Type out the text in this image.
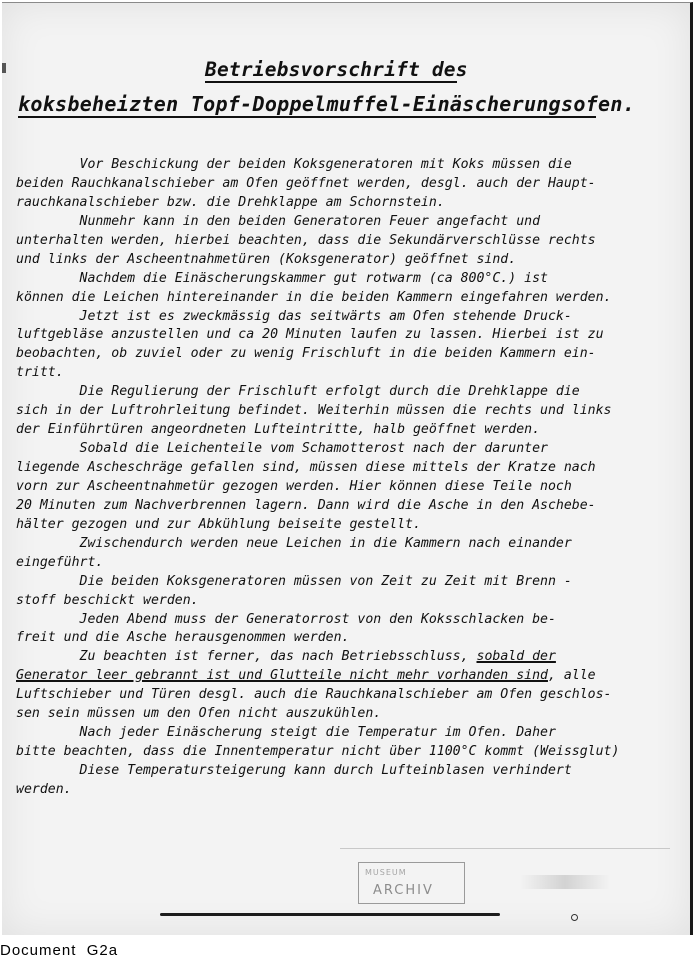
Betriebsvorschrift des
koksbeheizten Topf-Doppelmuffel-Einäscherungsofen.
Vor Beschickung der beiden Koksgeneratoren mit Koks müssen die
beiden Rauchkanalschieber am Ofen geöffnet werden, desgl. auch der Haupt-
rauchkanalschieber bzw. die Drehklappe am Schornstein.
Nunmehr kann in den beiden Generatoren Feuer angefacht und
unterhalten werden, hierbei beachten, dass die Sekundärverschlüsse rechts
und links der Ascheentnahmetüren (Koksgenerator) geöffnet sind.
Nachdem die Einäscherungskammer gut rotwarm (ca 800°C.) ist
können die Leichen hintereinander in die beiden Kammern eingefahren werden.
Jetzt ist es zweckmässig das seitwärts am Ofen stehende Druck-
luftgebläse anzustellen und ca 20 Minuten laufen zu lassen. Hierbei ist zu
beobachten, ob zuviel oder zu wenig Frischluft in die beiden Kammern ein-
tritt.
Die Regulierung der Frischluft erfolgt durch die Drehklappe die
sich in der Luftrohrleitung befindet. Weiterhin müssen die rechts und links
der Einführtüren angeordneten Lufteintritte, halb geöffnet werden.
Sobald die Leichenteile vom Schamotterost nach der darunter
liegende Ascheschräge gefallen sind, müssen diese mittels der Kratze nach
vorn zur Ascheentnahmetür gezogen werden. Hier können diese Teile noch
20 Minuten zum Nachverbrennen lagern. Dann wird die Asche in den Aschebe-
hälter gezogen und zur Abkühlung beiseite gestellt.
Zwischendurch werden neue Leichen in die Kammern nach einander
eingeführt.
Die beiden Koksgeneratoren müssen von Zeit zu Zeit mit Brenn -
stoff beschickt werden.
Jeden Abend muss der Generatorrost von den Koksschlacken be-
freit und die Asche herausgenommen werden.
Zu beachten ist ferner, das nach Betriebsschluss, sobald der
Generator leer gebrannt ist und Glutteile nicht mehr vorhanden sind, alle
Luftschieber und Türen desgl. auch die Rauchkanalschieber am Ofen geschlos-
sen sein müssen um den Ofen nicht auszukühlen.
Nach jeder Einäscherung steigt die Temperatur im Ofen. Daher
bitte beachten, dass die Innentemperatur nicht über 1100°C kommt (Weissglut)
Diese Temperatursteigerung kann durch Lufteinblasen verhindert
werden.
MUSEUM
ARCHIV
Document  G2a
